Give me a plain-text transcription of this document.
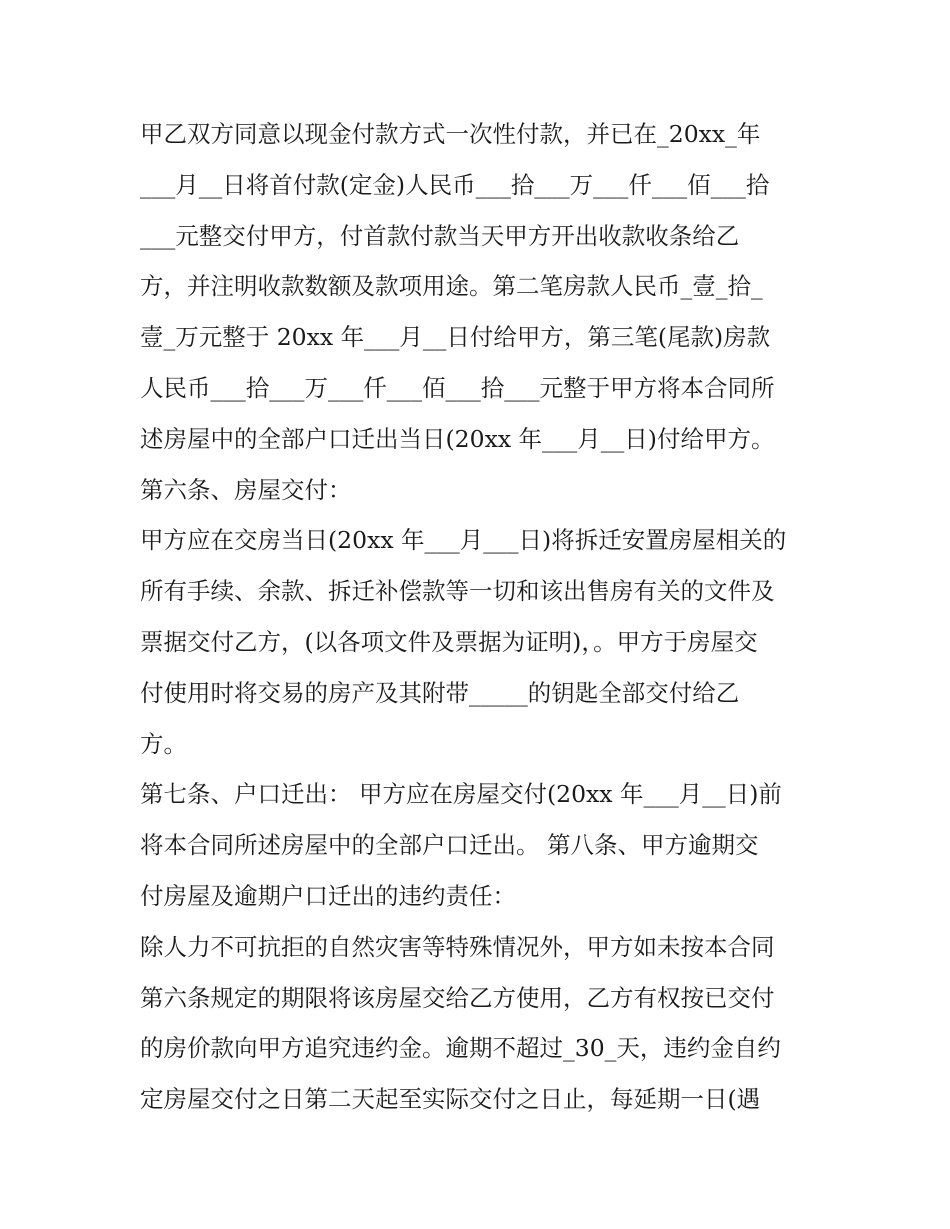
甲乙双方同意以现金付款方式一次性付款，并已在_20xx_年
___月__日将首付款(定金)人民币___拾___万___仟___佰___拾
___元整交付甲方，付首款付款当天甲方开出收款收条给乙
方，并注明收款数额及款项用途。第二笔房款人民币_壹_拾_
壹_万元整于 20xx 年___月__日付给甲方，第三笔(尾款)房款
人民币___拾___万___仟___佰___拾___元整于甲方将本合同所
述房屋中的全部户口迁出当日(20xx 年___月__日)付给甲方。
第六条、房屋交付：
甲方应在交房当日(20xx 年___月___日)将拆迁安置房屋相关的
所有手续、余款、拆迁补偿款等一切和该出售房有关的文件及
票据交付乙方，(以各项文件及票据为证明)，。甲方于房屋交
付使用时将交易的房产及其附带_____的钥匙全部交付给乙
方。
第七条、户口迁出： 甲方应在房屋交付(20xx 年___月__日)前
将本合同所述房屋中的全部户口迁出。 第八条、甲方逾期交
付房屋及逾期户口迁出的违约责任：
除人力不可抗拒的自然灾害等特殊情况外，甲方如未按本合同
第六条规定的期限将该房屋交给乙方使用，乙方有权按已交付
的房价款向甲方追究违约金。逾期不超过_30_天，违约金自约
定房屋交付之日第二天起至实际交付之日止，每延期一日(遇
